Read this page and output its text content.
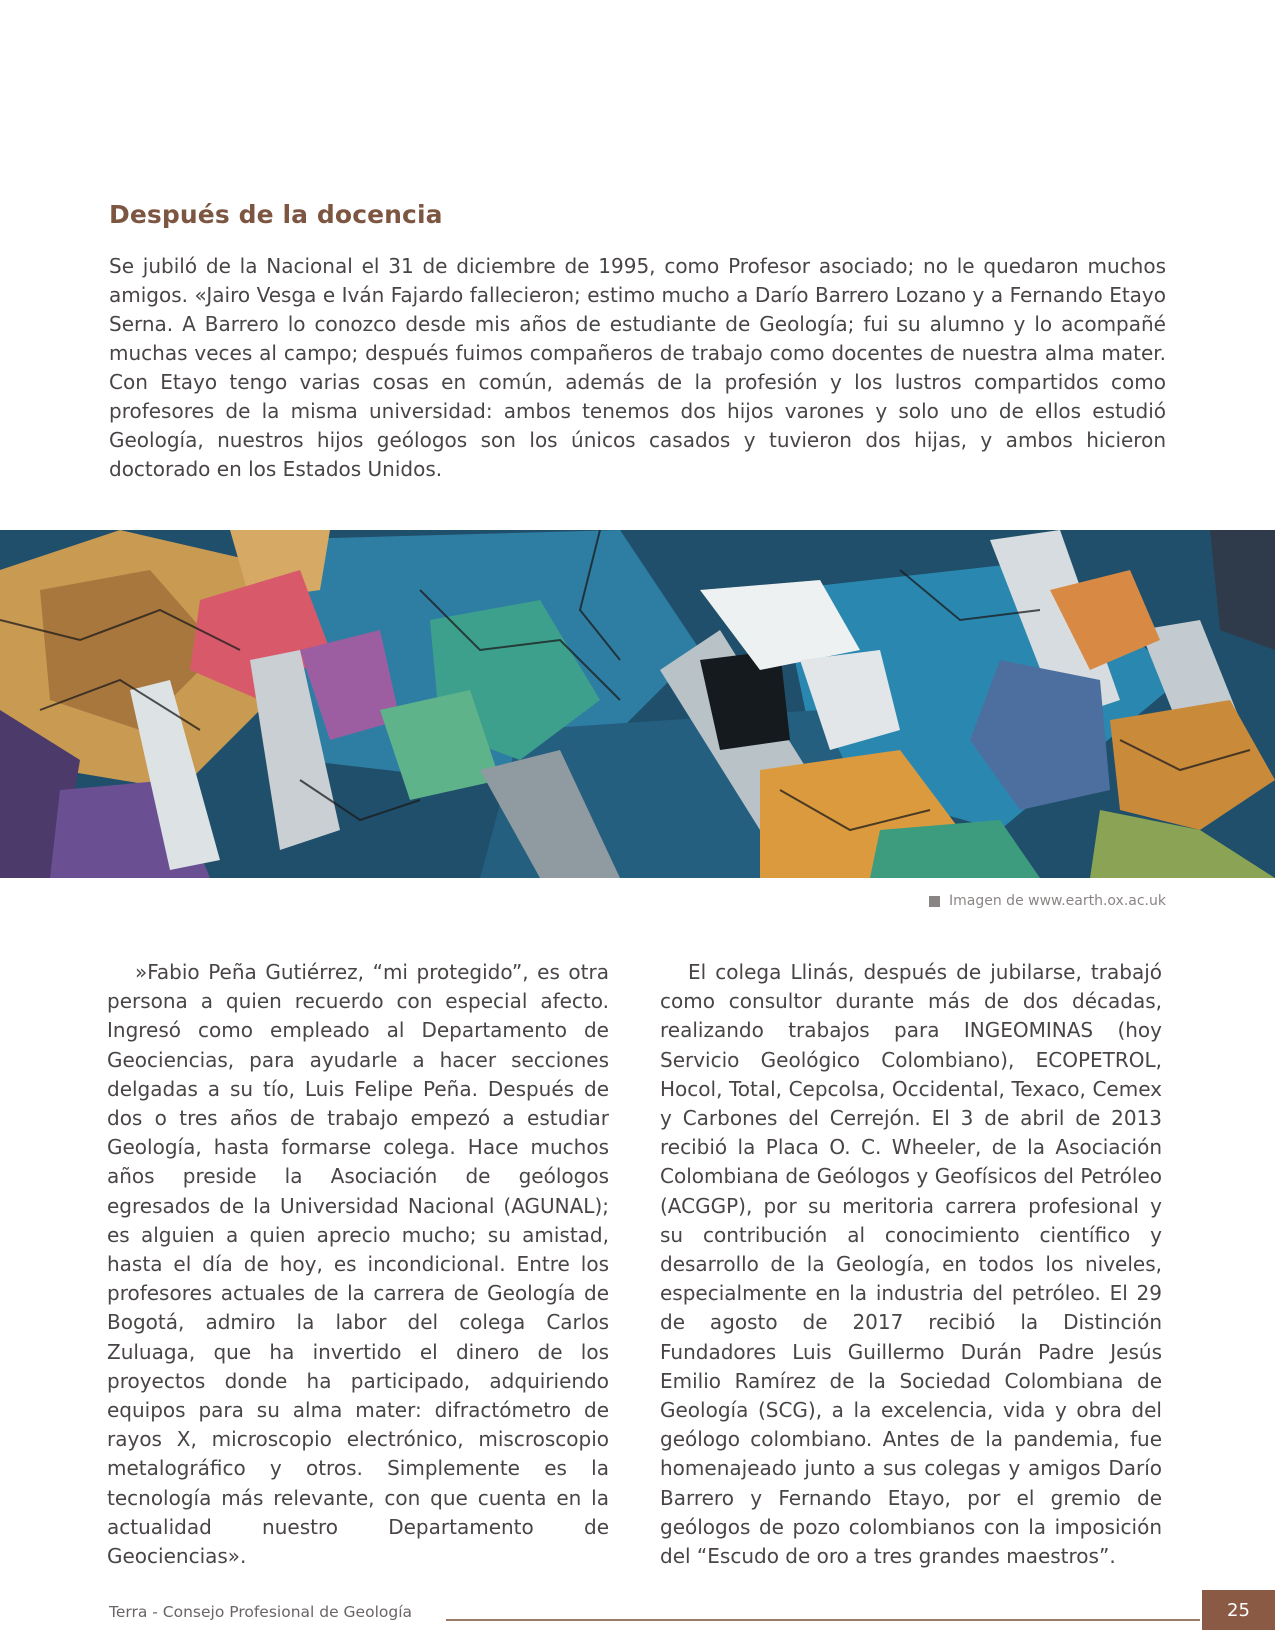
Después de la docencia

Se jubiló de la Nacional el 31 de diciembre de 1995, como Profesor asociado; no le quedaron muchos amigos. «Jairo Vesga e Iván Fajardo fallecieron; estimo mucho a Darío Barrero Lozano y a Fernando Etayo Serna. A Barrero lo conozco desde mis años de estudiante de Geología; fui su alumno y lo acompañé muchas veces al campo; después fuimos compañeros de trabajo como docentes de nuestra alma mater. Con Etayo tengo varias cosas en común, además de la profesión y los lustros compartidos como profesores de la misma universidad: ambos tenemos dos hijos varones y solo uno de ellos estudió Geología, nuestros hijos geólogos son los únicos casados y tuvieron dos hijas, y ambos hicieron doctorado en los Estados Unidos.

Imagen de www.earth.ox.ac.uk

»Fabio Peña Gutiérrez, “mi protegido”, es otra persona a quien recuerdo con especial afecto. Ingresó como empleado al Departamento de Geociencias, para ayudarle a hacer secciones delgadas a su tío, Luis Felipe Peña. Después de dos o tres años de trabajo empezó a estudiar Geología, hasta formarse colega. Hace muchos años preside la Asociación de geólogos egresados de la Universidad Nacional (AGUNAL); es alguien a quien aprecio mucho; su amistad, hasta el día de hoy, es incondicional. Entre los profesores actuales de la carrera de Geología de Bogotá, admiro la labor del colega Carlos Zuluaga, que ha invertido el dinero de los proyectos donde ha participado, adquiriendo equipos para su alma mater: difractómetro de rayos X, microscopio electrónico, miscroscopio metalográfico y otros. Simplemente es la tecnología más relevante, con que cuenta en la actualidad nuestro Departamento de Geociencias».

El colega Llinás, después de jubilarse, trabajó como consultor durante más de dos décadas, realizando trabajos para INGEOMINAS (hoy Servicio Geológico Colombiano), ECOPETROL, Hocol, Total, Cepcolsa, Occidental, Texaco, Cemex y Carbones del Cerrejón. El 3 de abril de 2013 recibió la Placa O. C. Wheeler, de la Asociación Colombiana de Geólogos y Geofísicos del Petróleo (ACGGP), por su meritoria carrera profesional y su contribución al conocimiento científico y desarrollo de la Geología, en todos los niveles, especialmente en la industria del petróleo. El 29 de agosto de 2017 recibió la Distinción Fundadores Luis Guillermo Durán Padre Jesús Emilio Ramírez de la Sociedad Colombiana de Geología (SCG), a la excelencia, vida y obra del geólogo colombiano. Antes de la pandemia, fue homenajeado junto a sus colegas y amigos Darío Barrero y Fernando Etayo, por el gremio de geólogos de pozo colombianos con la imposición del “Escudo de oro a tres grandes maestros”.

Terra - Consejo Profesional de Geología	25
